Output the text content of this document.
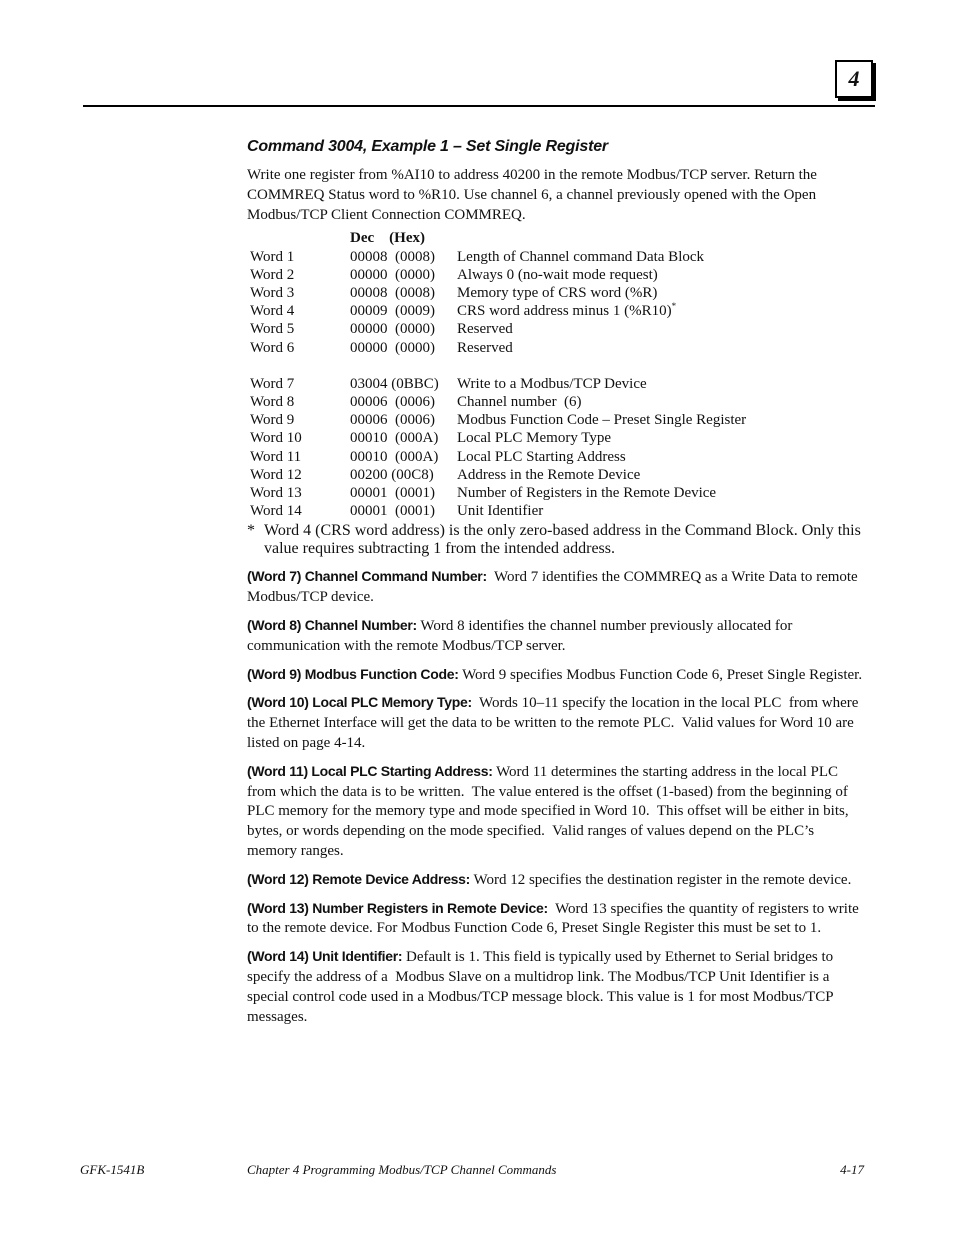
4
Command 3004, Example 1 – Set Single Register

Write one register from %AI10 to address 40200 in the remote Modbus/TCP server. Return the COMMREQ Status word to %R10. Use channel 6, a channel previously opened with the Open Modbus/TCP Client Connection COMMREQ.

	Dec (Hex)	
Word 1	00008  (0008)	Length of Channel command Data Block
Word 2	00000  (0000)	Always 0 (no-wait mode request)
Word 3	00008  (0008)	Memory type of CRS word (%R)
Word 4	00009  (0009)	CRS word address minus 1 (%R10)*
Word 5	00000  (0000)	Reserved
Word 6	00000  (0000)	Reserved

Word 7	03004 (0BBC)	Write to a Modbus/TCP Device
Word 8	00006  (0006)	Channel number  (6)
Word 9	00006  (0006)	Modbus Function Code – Preset Single Register
Word 10	00010  (000A)	Local PLC Memory Type
Word 11	00010  (000A)	Local PLC Starting Address
Word 12	00200 (00C8)	Address in the Remote Device
Word 13	00001  (0001)	Number of Registers in the Remote Device
Word 14	00001  (0001)	Unit Identifier
* Word 4 (CRS word address) is the only zero-based address in the Command Block. Only this value requires subtracting 1 from the intended address.

(Word 7) Channel Command Number:  Word 7 identifies the COMMREQ as a Write Data to remote Modbus/TCP device.

(Word 8) Channel Number: Word 8 identifies the channel number previously allocated for communication with the remote Modbus/TCP server.

(Word 9) Modbus Function Code: Word 9 specifies Modbus Function Code 6, Preset Single Register.

(Word 10) Local PLC Memory Type:  Words 10–11 specify the location in the local PLC  from where the Ethernet Interface will get the data to be written to the remote PLC.  Valid values for Word 10 are listed on page 4-14.

(Word 11) Local PLC Starting Address: Word 11 determines the starting address in the local PLC from which the data is to be written.  The value entered is the offset (1-based) from the beginning of PLC memory for the memory type and mode specified in Word 10.  This offset will be either in bits, bytes, or words depending on the mode specified.  Valid ranges of values depend on the PLC’s memory ranges.

(Word 12) Remote Device Address: Word 12 specifies the destination register in the remote device.

(Word 13) Number Registers in Remote Device:  Word 13 specifies the quantity of registers to write to the remote device. For Modbus Function Code 6, Preset Single Register this must be set to 1.

(Word 14) Unit Identifier: Default is 1. This field is typically used by Ethernet to Serial bridges to specify the address of a  Modbus Slave on a multidrop link. The Modbus/TCP Unit Identifier is a special control code used in a Modbus/TCP message block. This value is 1 for most Modbus/TCP messages.

GFK-1541B	Chapter 4 Programming Modbus/TCP Channel Commands	4-17
